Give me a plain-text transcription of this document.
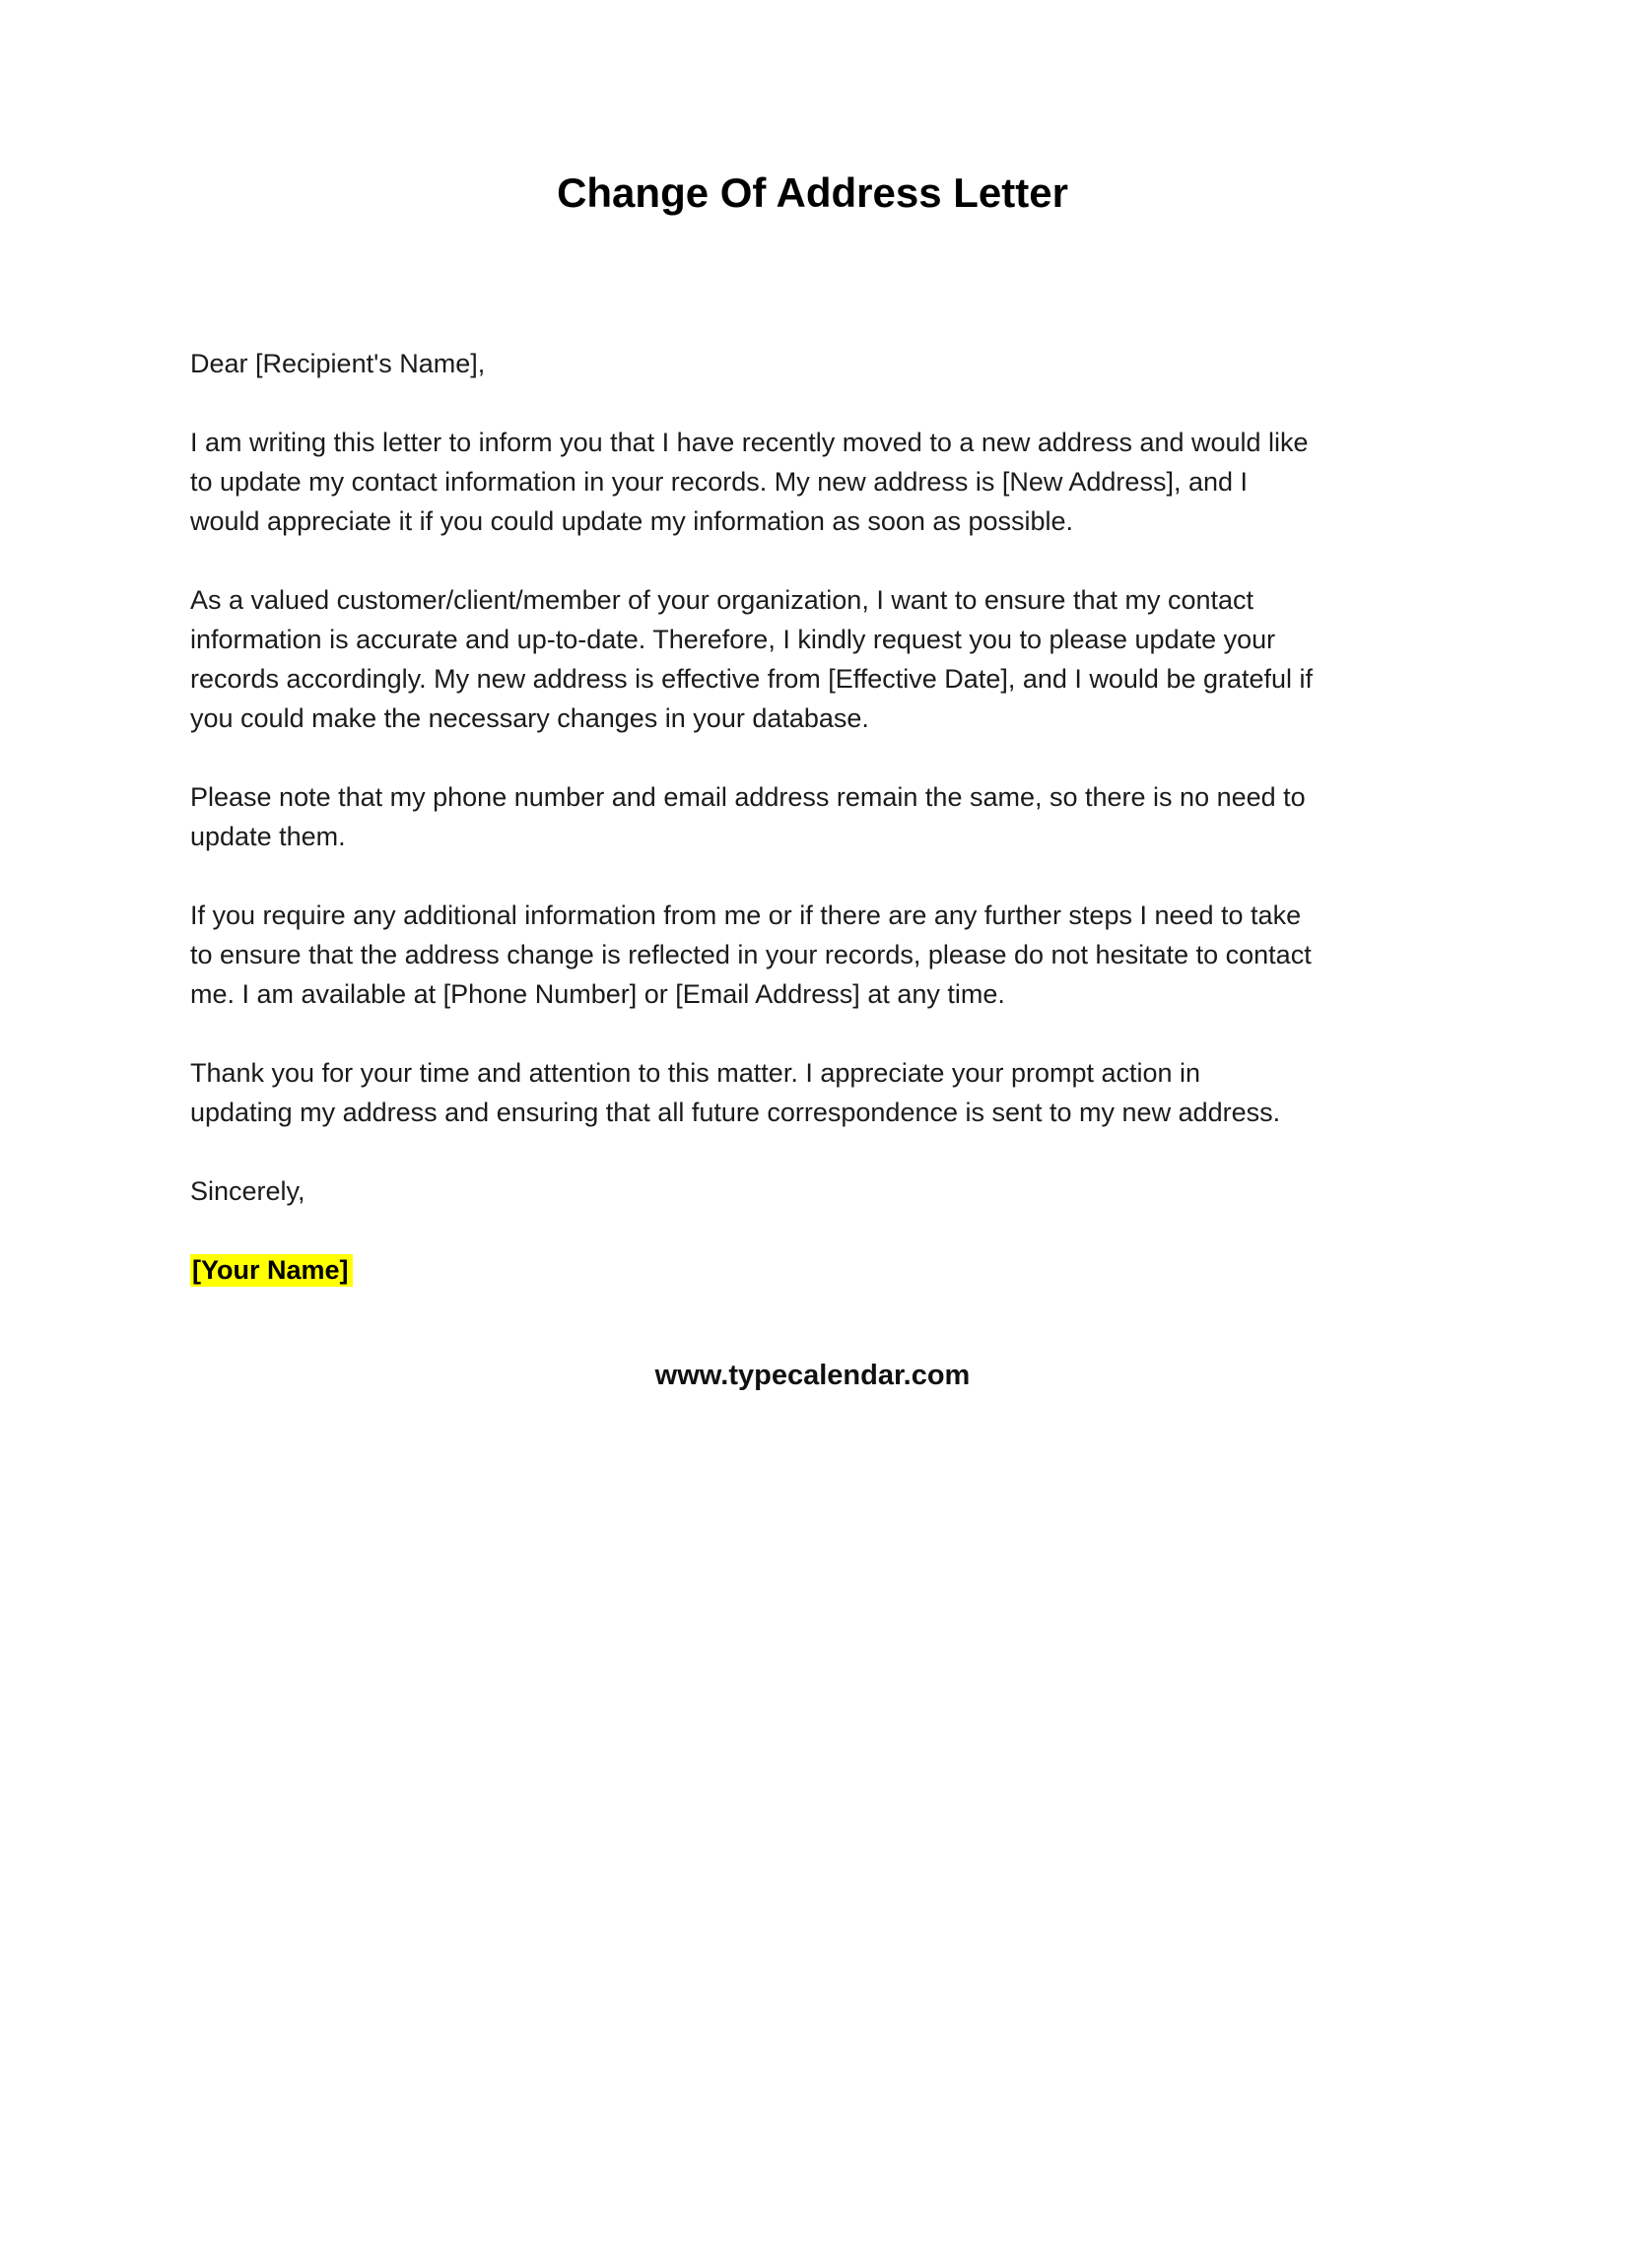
Change Of Address Letter

Dear [Recipient's Name],

I am writing this letter to inform you that I have recently moved to a new address and would like
to update my contact information in your records. My new address is [New Address], and I
would appreciate it if you could update my information as soon as possible.
As a valued customer/client/member of your organization, I want to ensure that my contact
information is accurate and up-to-date. Therefore, I kindly request you to please update your
records accordingly. My new address is effective from [Effective Date], and I would be grateful if
you could make the necessary changes in your database.
Please note that my phone number and email address remain the same, so there is no need to
update them.
If you require any additional information from me or if there are any further steps I need to take
to ensure that the address change is reflected in your records, please do not hesitate to contact
me. I am available at [Phone Number] or [Email Address] at any time.
Thank you for your time and attention to this matter. I appreciate your prompt action in
updating my address and ensuring that all future correspondence is sent to my new address.

Sincerely,

[Your Name]

www.typecalendar.com
